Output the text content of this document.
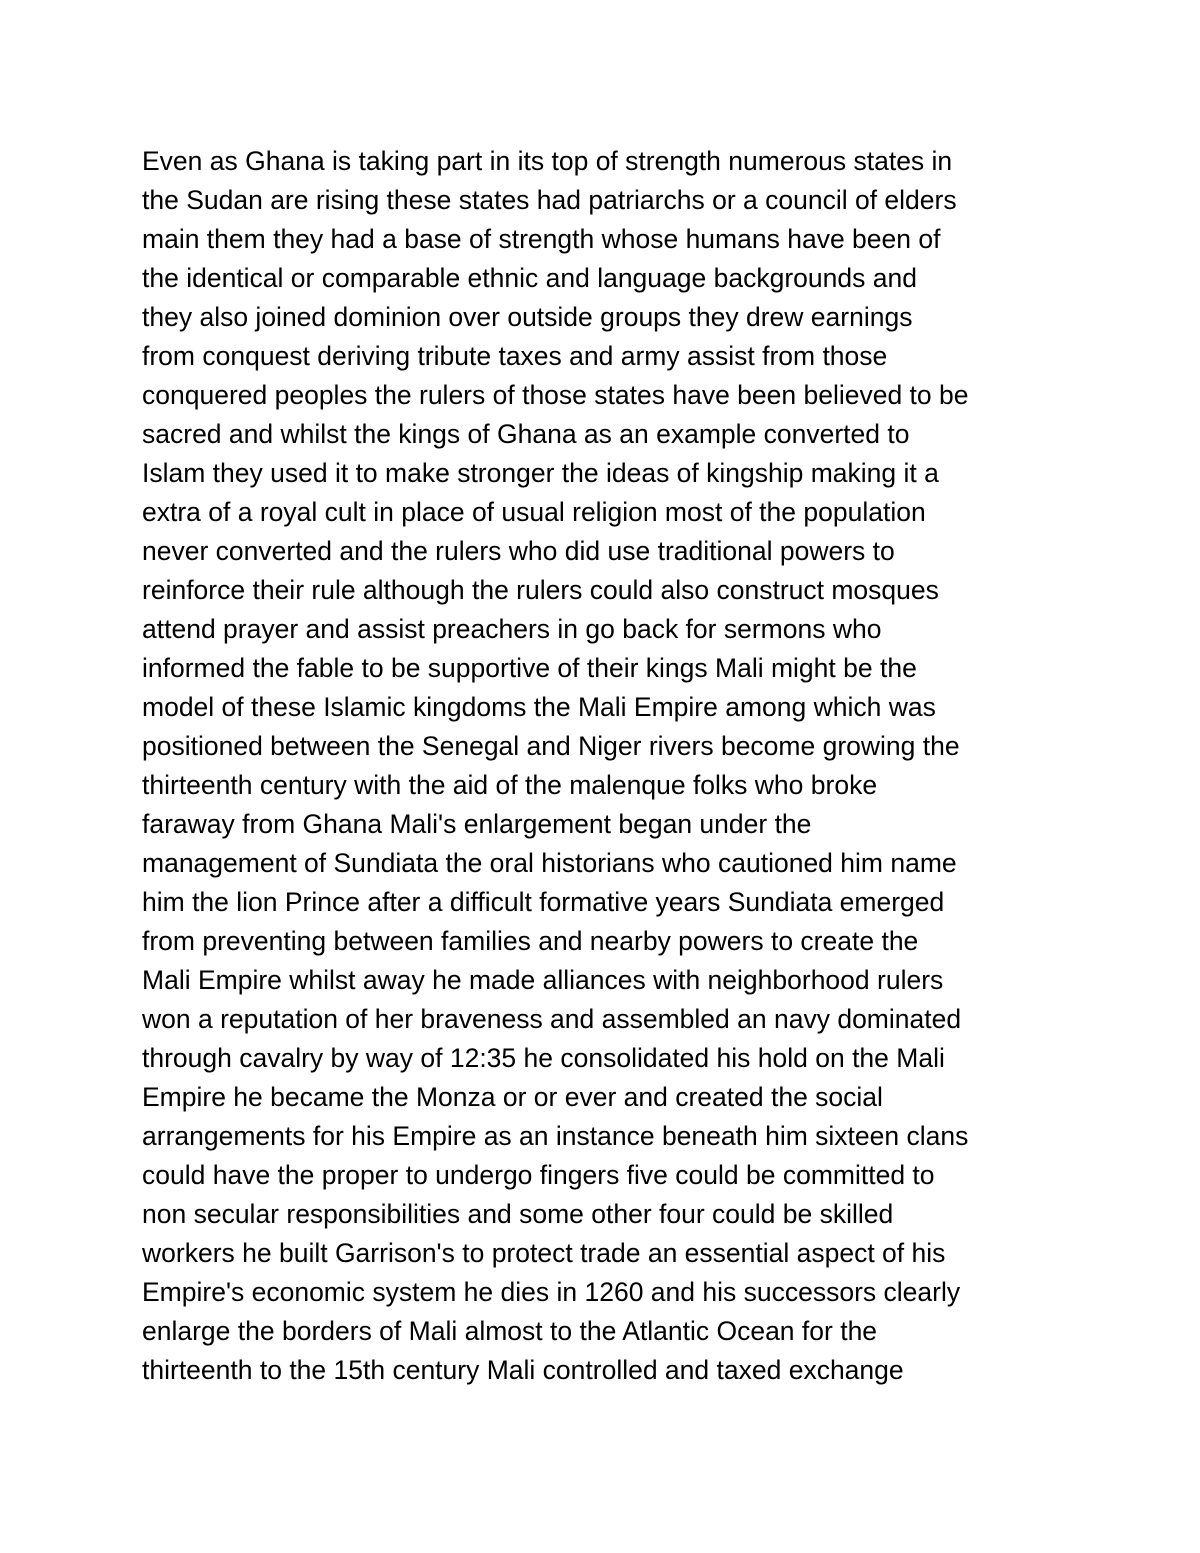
Even as Ghana is taking part in its top of strength numerous states in
the Sudan are rising these states had patriarchs or a council of elders
main them they had a base of strength whose humans have been of
the identical or comparable ethnic and language backgrounds and
they also joined dominion over outside groups they drew earnings
from conquest deriving tribute taxes and army assist from those
conquered peoples the rulers of those states have been believed to be
sacred and whilst the kings of Ghana as an example converted to
Islam they used it to make stronger the ideas of kingship making it a
extra of a royal cult in place of usual religion most of the population
never converted and the rulers who did use traditional powers to
reinforce their rule although the rulers could also construct mosques
attend prayer and assist preachers in go back for sermons who
informed the fable to be supportive of their kings Mali might be the
model of these Islamic kingdoms the Mali Empire among which was
positioned between the Senegal and Niger rivers become growing the
thirteenth century with the aid of the malenque folks who broke
faraway from Ghana Mali's enlargement began under the
management of Sundiata the oral historians who cautioned him name
him the lion Prince after a difficult formative years Sundiata emerged
from preventing between families and nearby powers to create the
Mali Empire whilst away he made alliances with neighborhood rulers
won a reputation of her braveness and assembled an navy dominated
through cavalry by way of 12:35 he consolidated his hold on the Mali
Empire he became the Monza or or ever and created the social
arrangements for his Empire as an instance beneath him sixteen clans
could have the proper to undergo fingers five could be committed to
non secular responsibilities and some other four could be skilled
workers he built Garrison's to protect trade an essential aspect of his
Empire's economic system he dies in 1260 and his successors clearly
enlarge the borders of Mali almost to the Atlantic Ocean for the
thirteenth to the 15th century Mali controlled and taxed exchange
